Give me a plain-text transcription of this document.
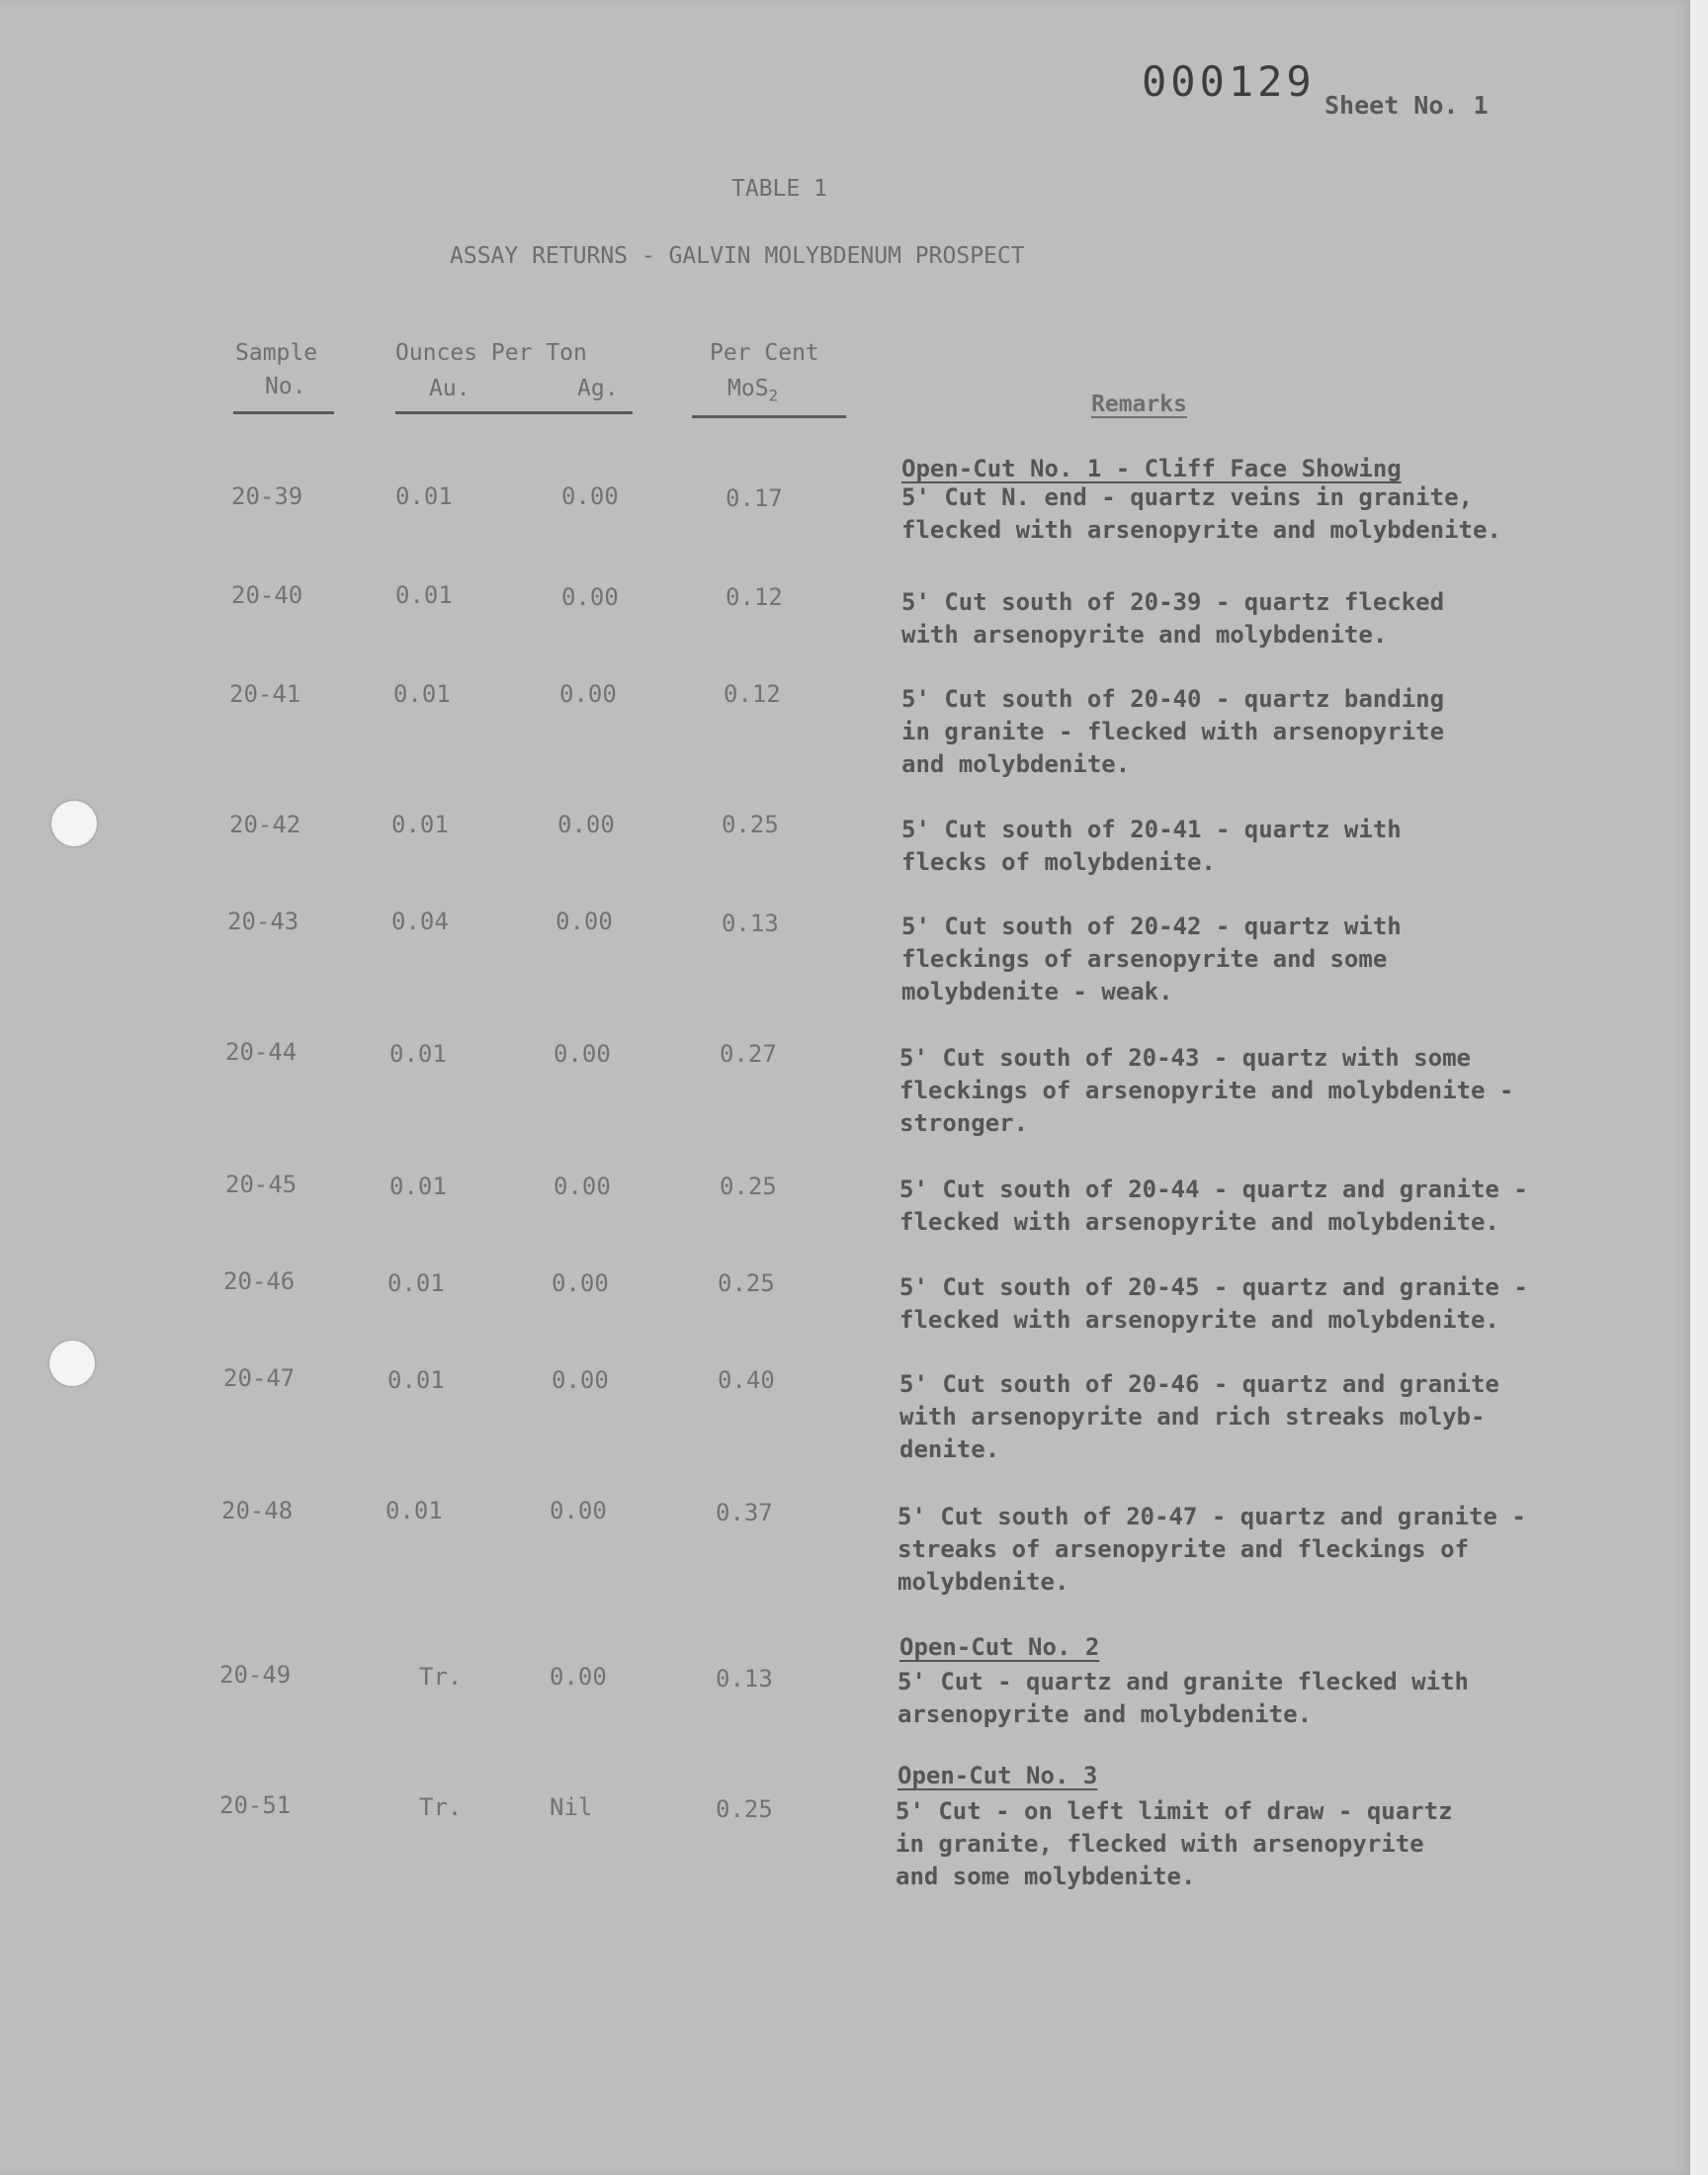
000129 Sheet No. 1
TABLE 1
ASSAY RETURNS - GALVIN MOLYBDENUM PROSPECT
Sample
No.
Ounces Per Ton
Au.	Ag.
Per Cent
MoS$_2$	Remarks
Open-Cut No. 1 - Cliff Face Showing
Open-Cut No. 2
Open-Cut No. 3
20-39	0.01	0.00	0.17	5' Cut N. end - quartz veins in granite,
flecked with arsenopyrite and molybdenite.
20-40	0.01	0.00	0.12	5' Cut south of 20-39 - quartz flecked
with arsenopyrite and molybdenite.
20-41	0.01	0.00	0.12	5' Cut south of 20-40 - quartz banding
in granite - flecked with arsenopyrite
and molybdenite.
20-42	0.01	0.00	0.25	5' Cut south of 20-41 - quartz with
flecks of molybdenite.
20-43	0.04	0.00	0.13	5' Cut south of 20-42 - quartz with
fleckings of arsenopyrite and some
molybdenite - weak.
20-44	0.01	0.00	0.27	5' Cut south of 20-43 - quartz with some
fleckings of arsenopyrite and molybdenite -
stronger.
20-45	0.01	0.00	0.25	5' Cut south of 20-44 - quartz and granite -
flecked with arsenopyrite and molybdenite.
20-46	0.01	0.00	0.25	5' Cut south of 20-45 - quartz and granite -
flecked with arsenopyrite and molybdenite.
20-47	0.01	0.00	0.40	5' Cut south of 20-46 - quartz and granite
with arsenopyrite and rich streaks molyb-
denite.
20-48	0.01	0.00	0.37	5' Cut south of 20-47 - quartz and granite -
streaks of arsenopyrite and fleckings of
molybdenite.
20-49	Tr.	0.00	0.13	5' Cut - quartz and granite flecked with
arsenopyrite and molybdenite.
20-51	Tr.	Nil	0.25	5' Cut - on left limit of draw - quartz
in granite, flecked with arsenopyrite
and some molybdenite.
